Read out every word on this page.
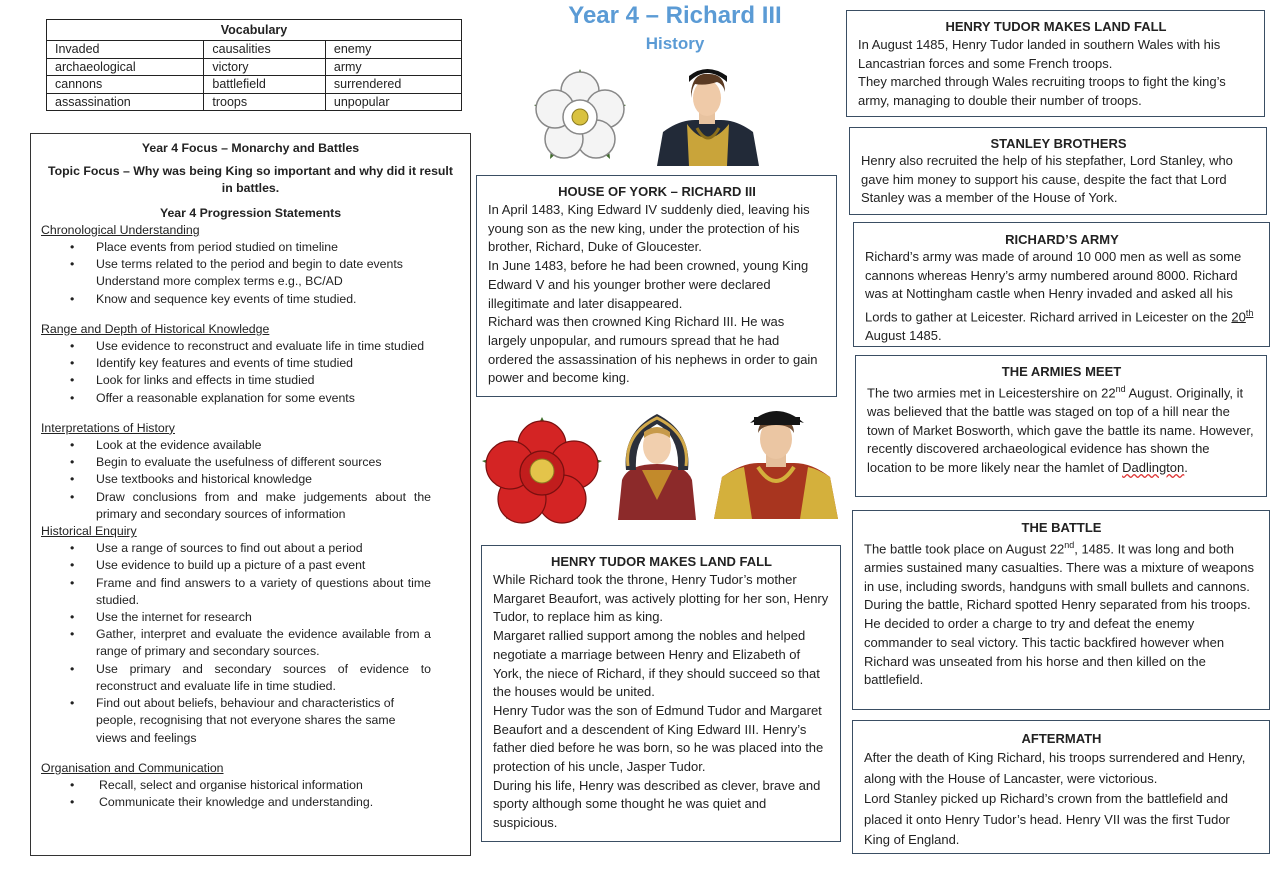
Year 4 – Richard III
History
Vocabulary		
Invaded	causalities	enemy
archaeological	victory	army
cannons	battlefield	surrendered
assassination	troops	unpopular
Year 4 Focus – Monarchy and Battles
Topic Focus – Why was being King so important and why did it result in battles.
Year 4 Progression Statements
Chronological Understanding
• Place events from period studied on timeline
• Use terms related to the period and begin to date events Understand more complex terms e.g., BC/AD
• Know and sequence key events of time studied.
Range and Depth of Historical Knowledge
• Use evidence to reconstruct and evaluate life in time studied
• Identify key features and events of time studied
• Look for links and effects in time studied
• Offer a reasonable explanation for some events
Interpretations of History
• Look at the evidence available
• Begin to evaluate the usefulness of different sources
• Use textbooks and historical knowledge
• Draw conclusions from and make judgements about the primary and secondary sources of information
Historical Enquiry
• Use a range of sources to find out about a period
• Use evidence to build up a picture of a past event
• Frame and find answers to a variety of questions about time studied.
• Use the internet for research
• Gather, interpret and evaluate the evidence available from a range of primary and secondary sources.
• Use primary and secondary sources of evidence to reconstruct and evaluate life in time studied.
• Find out about beliefs, behaviour and characteristics of people, recognising that not everyone shares the same views and feelings
Organisation and Communication
• Recall, select and organise historical information
• Communicate their knowledge and understanding.
HOUSE OF YORK – RICHARD III

In April 1483, King Edward IV suddenly died, leaving his young son as the new king, under the protection of his brother, Richard, Duke of Gloucester.

In June 1483, before he had been crowned, young King Edward V and his younger brother were declared illegitimate and later disappeared.

Richard was then crowned King Richard III. He was largely unpopular, and rumours spread that he had ordered the assassination of his nephews in order to gain power and become king.

HENRY TUDOR MAKES LAND FALL

While Richard took the throne, Henry Tudor’s mother Margaret Beaufort, was actively plotting for her son, Henry Tudor, to replace him as king.

Margaret rallied support among the nobles and helped negotiate a marriage between Henry and Elizabeth of York, the niece of Richard, if they should succeed so that the houses would be united.

Henry Tudor was the son of Edmund Tudor and Margaret Beaufort and a descendent of King Edward III. Henry’s father died before he was born, so he was placed into the protection of his uncle, Jasper Tudor.

During his life, Henry was described as clever, brave and sporty although some thought he was quiet and suspicious.

HENRY TUDOR MAKES LAND FALL

In August 1485, Henry Tudor landed in southern Wales with his Lancastrian forces and some French troops.

They marched through Wales recruiting troops to fight the king’s army, managing to double their number of troops.

STANLEY BROTHERS

Henry also recruited the help of his stepfather, Lord Stanley, who gave him money to support his cause, despite the fact that Lord Stanley was a member of the House of York.

RICHARD’S ARMY
Richard’s army was made of around 10 000 men as well as some cannons whereas Henry’s army numbered around 8000. Richard was at Nottingham castle when Henry invaded and asked all his Lords to gather at Leicester. Richard arrived in Leicester on the 20th August 1485.
THE ARMIES MEET
The two armies met in Leicestershire on 22nd August. Originally, it was believed that the battle was staged on top of a hill near the town of Market Bosworth, which gave the battle its name. However, recently discovered archaeological evidence has shown the location to be more likely near the hamlet of Dadlington.
THE BATTLE

The battle took place on August 22nd, 1485. It was long and both armies sustained many casualties. There was a mixture of weapons in use, including swords, handguns with small bullets and cannons.

During the battle, Richard spotted Henry separated from his troops. He decided to order a charge to try and defeat the enemy commander to seal victory. This tactic backfired however when Richard was unseated from his horse and then killed on the battlefield.

AFTERMATH

After the death of King Richard, his troops surrendered and Henry, along with the House of Lancaster, were victorious.

Lord Stanley picked up Richard’s crown from the battlefield and placed it onto Henry Tudor’s head. Henry VII was the first Tudor King of England.
